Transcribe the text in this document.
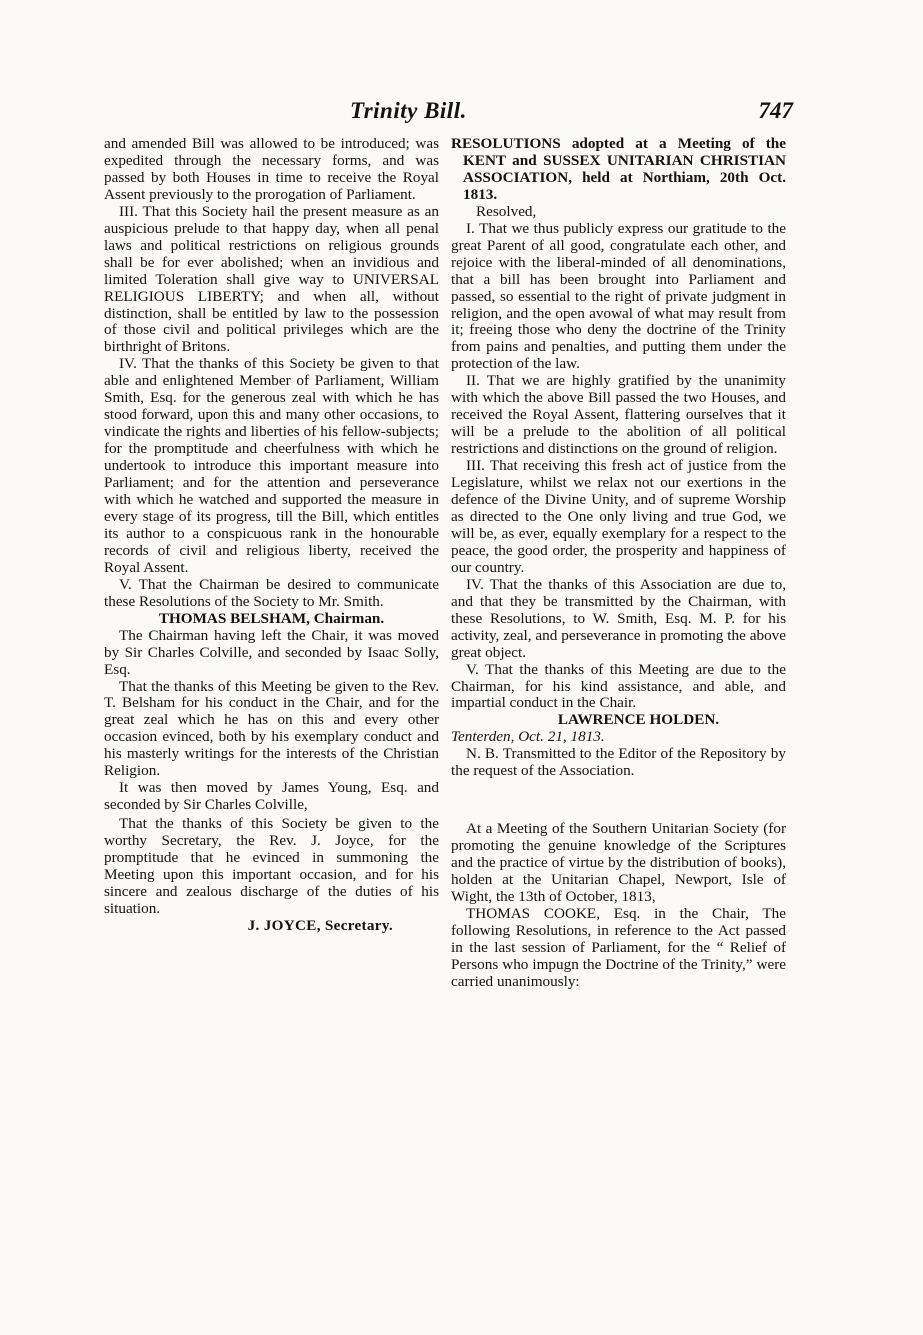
Trinity Bill.	747

and amended Bill was allowed to be introduced; was expedited through the necessary forms, and was passed by both Houses in time to receive the Royal Assent previously to the prorogation of Parliament.

III. That this Society hail the present measure as an auspicious prelude to that happy day, when all penal laws and political restrictions on religious grounds shall be for ever abolished; when an invidious and limited Toleration shall give way to UNIVERSAL RELIGIOUS LIBERTY; and when all, without distinction, shall be entitled by law to the possession of those civil and political privileges which are the birthright of Britons.

IV. That the thanks of this Society be given to that able and enlightened Member of Parliament, William Smith, Esq. for the generous zeal with which he has stood forward, upon this and many other occasions, to vindicate the rights and liberties of his fellow-subjects; for the promptitude and cheerfulness with which he undertook to introduce this important measure into Parliament; and for the attention and perseverance with which he watched and supported the measure in every stage of its progress, till the Bill, which entitles its author to a conspicuous rank in the honourable records of civil and religious liberty, received the Royal Assent.

V. That the Chairman be desired to communicate these Resolutions of the Society to Mr. Smith.

THOMAS BELSHAM, Chairman.

The Chairman having left the Chair, it was moved by Sir Charles Colville, and seconded by Isaac Solly, Esq.

That the thanks of this Meeting be given to the Rev. T. Belsham for his conduct in the Chair, and for the great zeal which he has on this and every other occasion evinced, both by his exemplary conduct and his masterly writings for the interests of the Christian Religion.

It was then moved by James Young, Esq. and seconded by Sir Charles Colville,

That the thanks of this Society be given to the worthy Secretary, the Rev. J. Joyce, for the promptitude that he evinced in summoning the Meeting upon this important occasion, and for his sincere and zealous discharge of the duties of his situation.

J. JOYCE, Secretary.

RESOLUTIONS adopted at a Meeting of the KENT and SUSSEX UNITARIAN CHRISTIAN ASSOCIATION, held at Northiam, 20th Oct. 1813.

Resolved,

I. That we thus publicly express our gratitude to the great Parent of all good, congratulate each other, and rejoice with the liberal-minded of all denominations, that a bill has been brought into Parliament and passed, so essential to the right of private judgment in religion, and the open avowal of what may result from it; freeing those who deny the doctrine of the Trinity from pains and penalties, and putting them under the protection of the law.

II. That we are highly gratified by the unanimity with which the above Bill passed the two Houses, and received the Royal Assent, flattering ourselves that it will be a prelude to the abolition of all political restrictions and distinctions on the ground of religion.

III. That receiving this fresh act of justice from the Legislature, whilst we relax not our exertions in the defence of the Divine Unity, and of supreme Worship as directed to the One only living and true God, we will be, as ever, equally exemplary for a respect to the peace, the good order, the prosperity and happiness of our country.

IV. That the thanks of this Association are due to, and that they be transmitted by the Chairman, with these Resolutions, to W. Smith, Esq. M. P. for his activity, zeal, and perseverance in promoting the above great object.

V. That the thanks of this Meeting are due to the Chairman, for his kind assistance, and able, and impartial conduct in the Chair.

LAWRENCE HOLDEN.

Tenterden, Oct. 21, 1813.

N. B. Transmitted to the Editor of the Repository by the request of the Association.

At a Meeting of the Southern Unitarian Society (for promoting the genuine knowledge of the Scriptures and the practice of virtue by the distribution of books), holden at the Unitarian Chapel, Newport, Isle of Wight, the 13th of October, 1813,

THOMAS COOKE, Esq. in the Chair, The following Resolutions, in reference to the Act passed in the last session of Parliament, for the “ Relief of Persons who impugn the Doctrine of the Trinity,” were carried unanimously:
